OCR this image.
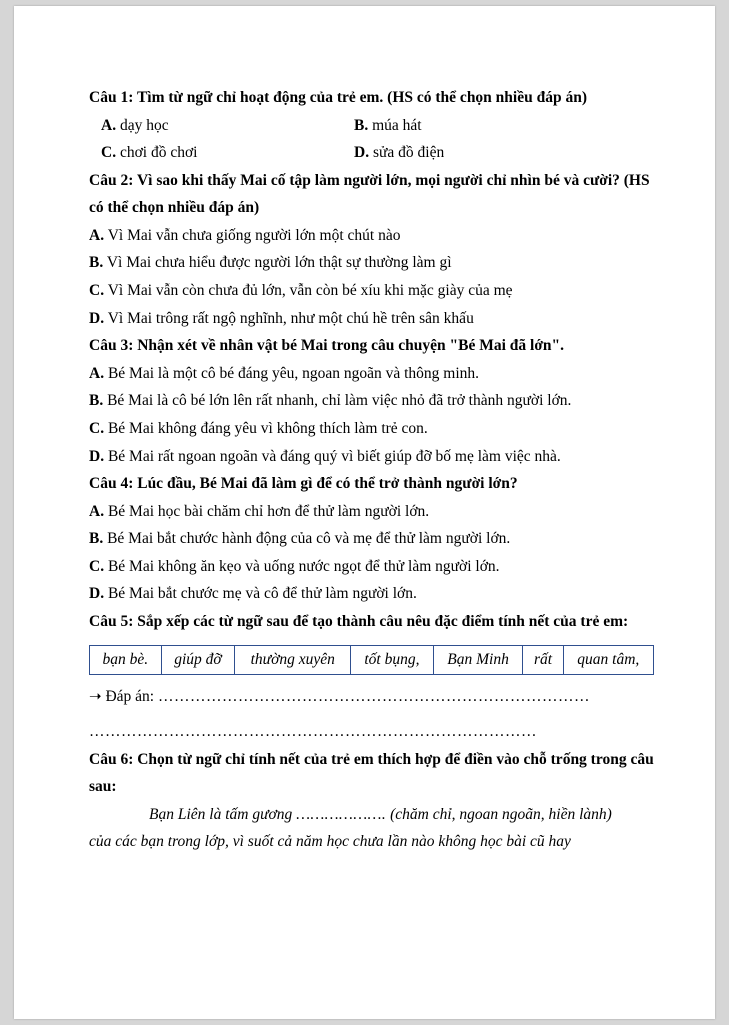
Câu 1: Tìm từ ngữ chỉ hoạt động của trẻ em. (HS có thể chọn nhiều đáp án)
A. dạy học	B. múa hát
C. chơi đồ chơi	D. sửa đồ điện
Câu 2: Vì sao khi thấy Mai cố tập làm người lớn, mọi người chỉ nhìn bé và cười? (HS có thể chọn nhiều đáp án)
A. Vì Mai vẫn chưa giống người lớn một chút nào
B. Vì Mai chưa hiểu được người lớn thật sự thường làm gì
C. Vì Mai vẫn còn chưa đủ lớn, vẫn còn bé xíu khi mặc giày của mẹ
D. Vì Mai trông rất ngộ nghĩnh, như một chú hề trên sân khấu
Câu 3: Nhận xét về nhân vật bé Mai trong câu chuyện "Bé Mai đã lớn".
A. Bé Mai là một cô bé đáng yêu, ngoan ngoãn và thông minh.
B. Bé Mai là cô bé lớn lên rất nhanh, chỉ làm việc nhỏ đã trở thành người lớn.
C. Bé Mai không đáng yêu vì không thích làm trẻ con.
D. Bé Mai rất ngoan ngoãn và đáng quý vì biết giúp đỡ bố mẹ làm việc nhà.
Câu 4: Lúc đầu, Bé Mai đã làm gì để có thể trở thành người lớn?
A. Bé Mai học bài chăm chỉ hơn để thử làm người lớn.
B. Bé Mai bắt chước hành động của cô và mẹ để thử làm người lớn.
C. Bé Mai không ăn kẹo và uống nước ngọt để thử làm người lớn.
D. Bé Mai bắt chước mẹ và cô để thử làm người lớn.
Câu 5: Sắp xếp các từ ngữ sau để tạo thành câu nêu đặc điểm tính nết của trẻ em:
bạn bè.	giúp đỡ	thường xuyên	tốt bụng,	Bạn Minh	rất	quan tâm,
➝ Đáp án: ………………………………………………………………………
…………………………………………………………………………
Câu 6: Chọn từ ngữ chỉ tính nết của trẻ em thích hợp để điền vào chỗ trống trong câu sau:
Bạn Liên là tấm gương ………………. (chăm chỉ, ngoan ngoãn, hiền lành)
của các bạn trong lớp, vì suốt cả năm học chưa lần nào không học bài cũ hay
